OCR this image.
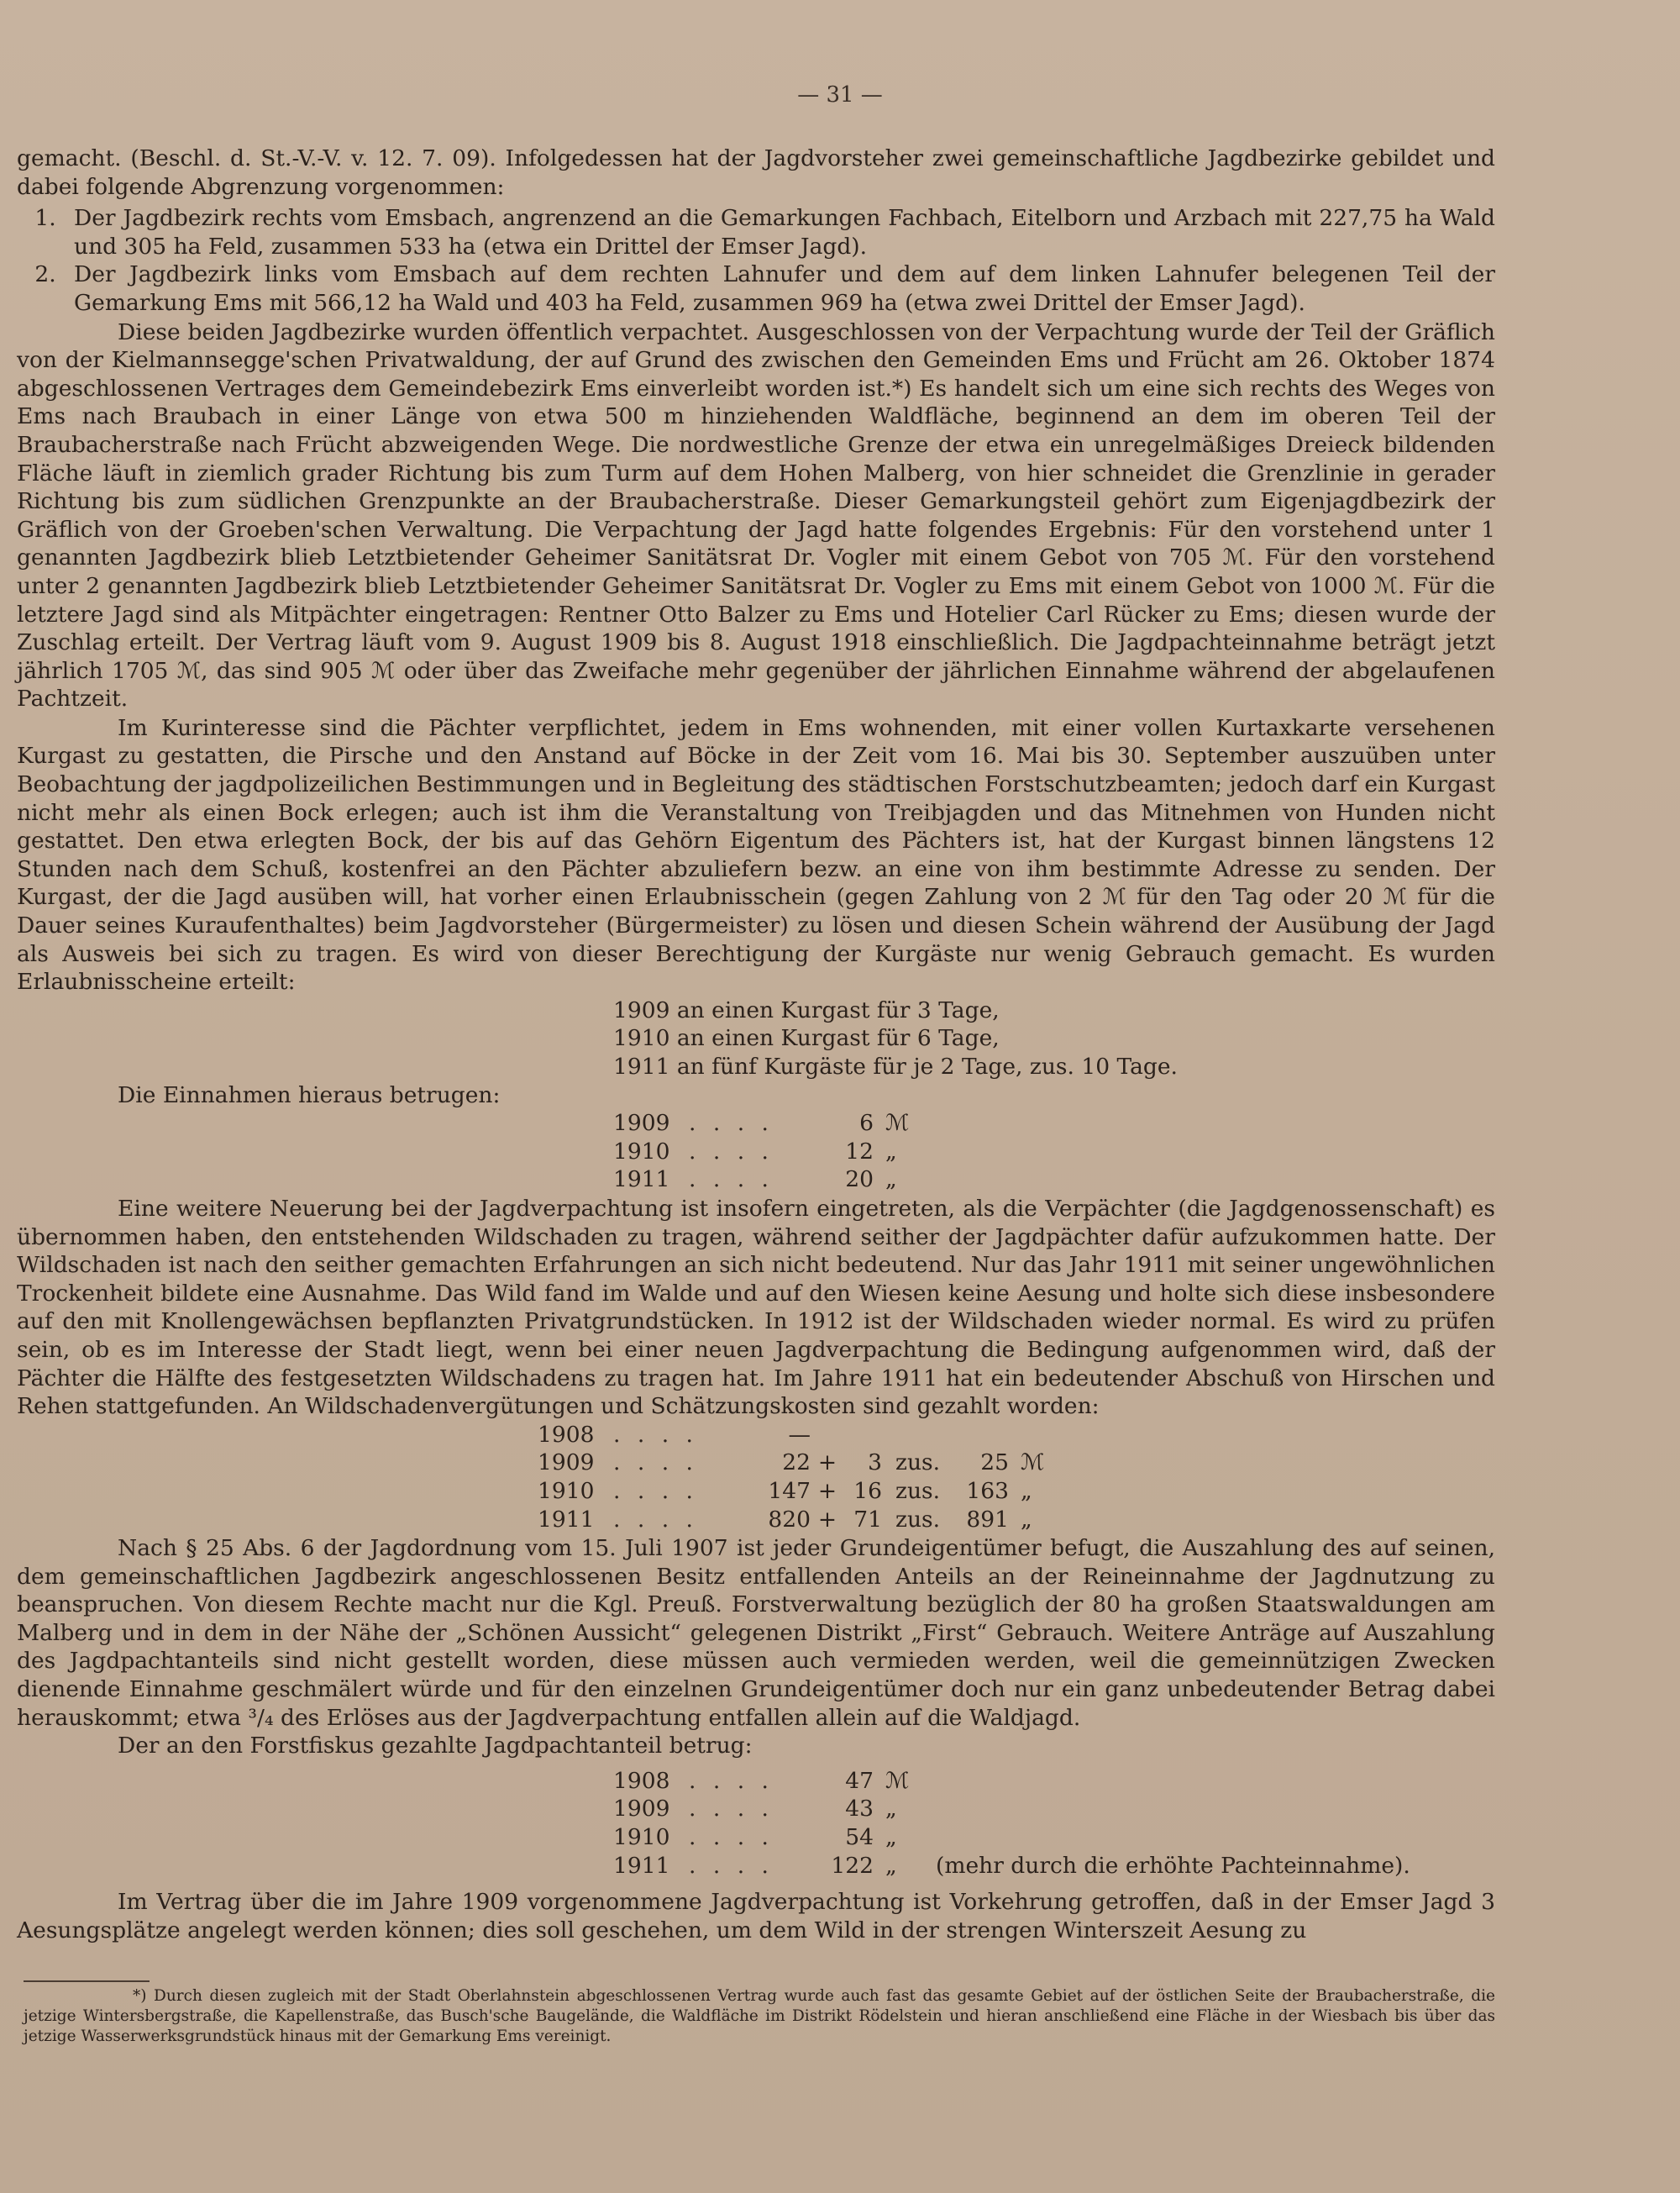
— 31 —

gemacht. (Beschl. d. St.-V.-V. v. 12. 7. 09). Infolgedessen hat der Jagdvorsteher zwei gemeinschaftliche Jagdbezirke gebildet und dabei folgende Abgrenzung vorgenommen:

1. Der Jagdbezirk rechts vom Emsbach, angrenzend an die Gemarkungen Fachbach, Eitelborn und Arzbach mit 227,75 ha Wald und 305 ha Feld, zusammen 533 ha (etwa ein Drittel der Emser Jagd).
2. Der Jagdbezirk links vom Emsbach auf dem rechten Lahnufer und dem auf dem linken Lahnufer belegenen Teil der Gemarkung Ems mit 566,12 ha Wald und 403 ha Feld, zusammen 969 ha (etwa zwei Drittel der Emser Jagd).

Diese beiden Jagdbezirke wurden öffentlich verpachtet. Ausgeschlossen von der Verpachtung wurde der Teil der Gräflich von der Kielmannsegge'schen Privatwaldung, der auf Grund des zwischen den Gemeinden Ems und Frücht am 26. Oktober 1874 abgeschlossenen Vertrages dem Gemeindebezirk Ems einverleibt worden ist.*) Es handelt sich um eine sich rechts des Weges von Ems nach Braubach in einer Länge von etwa 500 m hinziehenden Waldfläche, beginnend an dem im oberen Teil der Braubacherstraße nach Frücht abzweigenden Wege. Die nordwestliche Grenze der etwa ein unregelmäßiges Dreieck bildenden Fläche läuft in ziemlich grader Richtung bis zum Turm auf dem Hohen Malberg, von hier schneidet die Grenzlinie in gerader Richtung bis zum südlichen Grenzpunkte an der Braubacherstraße. Dieser Gemarkungsteil gehört zum Eigenjagdbezirk der Gräflich von der Groeben'schen Verwaltung. Die Verpachtung der Jagd hatte folgendes Ergebnis: Für den vorstehend unter 1 genannten Jagdbezirk blieb Letztbietender Geheimer Sanitätsrat Dr. Vogler mit einem Gebot von 705 ℳ. Für den vorstehend unter 2 genannten Jagdbezirk blieb Letztbietender Geheimer Sanitätsrat Dr. Vogler zu Ems mit einem Gebot von 1000 ℳ. Für die letztere Jagd sind als Mitpächter eingetragen: Rentner Otto Balzer zu Ems und Hotelier Carl Rücker zu Ems; diesen wurde der Zuschlag erteilt. Der Vertrag läuft vom 9. August 1909 bis 8. August 1918 einschließlich. Die Jagdpachteinnahme beträgt jetzt jährlich 1705 ℳ, das sind 905 ℳ oder über das Zweifache mehr gegenüber der jährlichen Einnahme während der abgelaufenen Pachtzeit.

Im Kurinteresse sind die Pächter verpflichtet, jedem in Ems wohnenden, mit einer vollen Kurtaxkarte versehenen Kurgast zu gestatten, die Pirsche und den Anstand auf Böcke in der Zeit vom 16. Mai bis 30. September auszuüben unter Beobachtung der jagdpolizeilichen Bestimmungen und in Begleitung des städtischen Forstschutzbeamten; jedoch darf ein Kurgast nicht mehr als einen Bock erlegen; auch ist ihm die Veranstaltung von Treibjagden und das Mitnehmen von Hunden nicht gestattet. Den etwa erlegten Bock, der bis auf das Gehörn Eigentum des Pächters ist, hat der Kurgast binnen längstens 12 Stunden nach dem Schuß, kostenfrei an den Pächter abzuliefern bezw. an eine von ihm bestimmte Adresse zu senden. Der Kurgast, der die Jagd ausüben will, hat vorher einen Erlaubnisschein (gegen Zahlung von 2 ℳ für den Tag oder 20 ℳ für die Dauer seines Kuraufenthaltes) beim Jagdvorsteher (Bürgermeister) zu lösen und diesen Schein während der Ausübung der Jagd als Ausweis bei sich zu tragen. Es wird von dieser Berechtigung der Kurgäste nur wenig Gebrauch gemacht. Es wurden Erlaubnisscheine erteilt:

1909 an einen Kurgast für 3 Tage,
1910 an einen Kurgast für 6 Tage,
1911 an fünf Kurgäste für je 2 Tage, zus. 10 Tage.

Die Einnahmen hieraus betrugen:

1909 . . . .	6 ℳ
1910 . . . .	12 „
1911 . . . .	20 „

Eine weitere Neuerung bei der Jagdverpachtung ist insofern eingetreten, als die Verpächter (die Jagdgenossenschaft) es übernommen haben, den entstehenden Wildschaden zu tragen, während seither der Jagdpächter dafür aufzukommen hatte. Der Wildschaden ist nach den seither gemachten Erfahrungen an sich nicht bedeutend. Nur das Jahr 1911 mit seiner ungewöhnlichen Trockenheit bildete eine Ausnahme. Das Wild fand im Walde und auf den Wiesen keine Aesung und holte sich diese insbesondere auf den mit Knollengewächsen bepflanzten Privatgrundstücken. In 1912 ist der Wildschaden wieder normal. Es wird zu prüfen sein, ob es im Interesse der Stadt liegt, wenn bei einer neuen Jagdverpachtung die Bedingung aufgenommen wird, daß der Pächter die Hälfte des festgesetzten Wildschadens zu tragen hat. Im Jahre 1911 hat ein bedeutender Abschuß von Hirschen und Rehen stattgefunden. An Wildschadenvergütungen und Schätzungskosten sind gezahlt worden:

1908 . . . .	—
1909 . . . .	22 +	3 zus.	25 ℳ
1910 . . . .	147 + 16 zus.	163 „
1911 . . . .	820 + 71 zus.	891 „

Nach § 25 Abs. 6 der Jagdordnung vom 15. Juli 1907 ist jeder Grundeigentümer befugt, die Auszahlung des auf seinen, dem gemeinschaftlichen Jagdbezirk angeschlossenen Besitz entfallenden Anteils an der Reineinnahme der Jagdnutzung zu beanspruchen. Von diesem Rechte macht nur die Kgl. Preuß. Forstverwaltung bezüglich der 80 ha großen Staatswaldungen am Malberg und in dem in der Nähe der „Schönen Aussicht“ gelegenen Distrikt „First“ Gebrauch. Weitere Anträge auf Auszahlung des Jagdpachtanteils sind nicht gestellt worden, diese müssen auch vermieden werden, weil die gemeinnützigen Zwecken dienende Einnahme geschmälert würde und für den einzelnen Grundeigentümer doch nur ein ganz unbedeutender Betrag dabei herauskommt; etwa ³/₄ des Erlöses aus der Jagdverpachtung entfallen allein auf die Waldjagd.

Der an den Forstfiskus gezahlte Jagdpachtanteil betrug:

1908 . . . .	47 ℳ
1909 . . . .	43 „
1910 . . . .	54 „
1911 . . . .	122 „	(mehr durch die erhöhte Pachteinnahme).

Im Vertrag über die im Jahre 1909 vorgenommene Jagdverpachtung ist Vorkehrung getroffen, daß in der Emser Jagd 3 Aesungsplätze angelegt werden können; dies soll geschehen, um dem Wild in der strengen Winterszeit Aesung zu

*) Durch diesen zugleich mit der Stadt Oberlahnstein abgeschlossenen Vertrag wurde auch fast das gesamte Gebiet auf der östlichen Seite der Braubacherstraße, die jetzige Wintersbergstraße, die Kapellenstraße, das Busch'sche Baugelände, die Waldfläche im Distrikt Rödelstein und hieran anschließend eine Fläche in der Wiesbach bis über das jetzige Wasserwerksgrundstück hinaus mit der Gemarkung Ems vereinigt.
